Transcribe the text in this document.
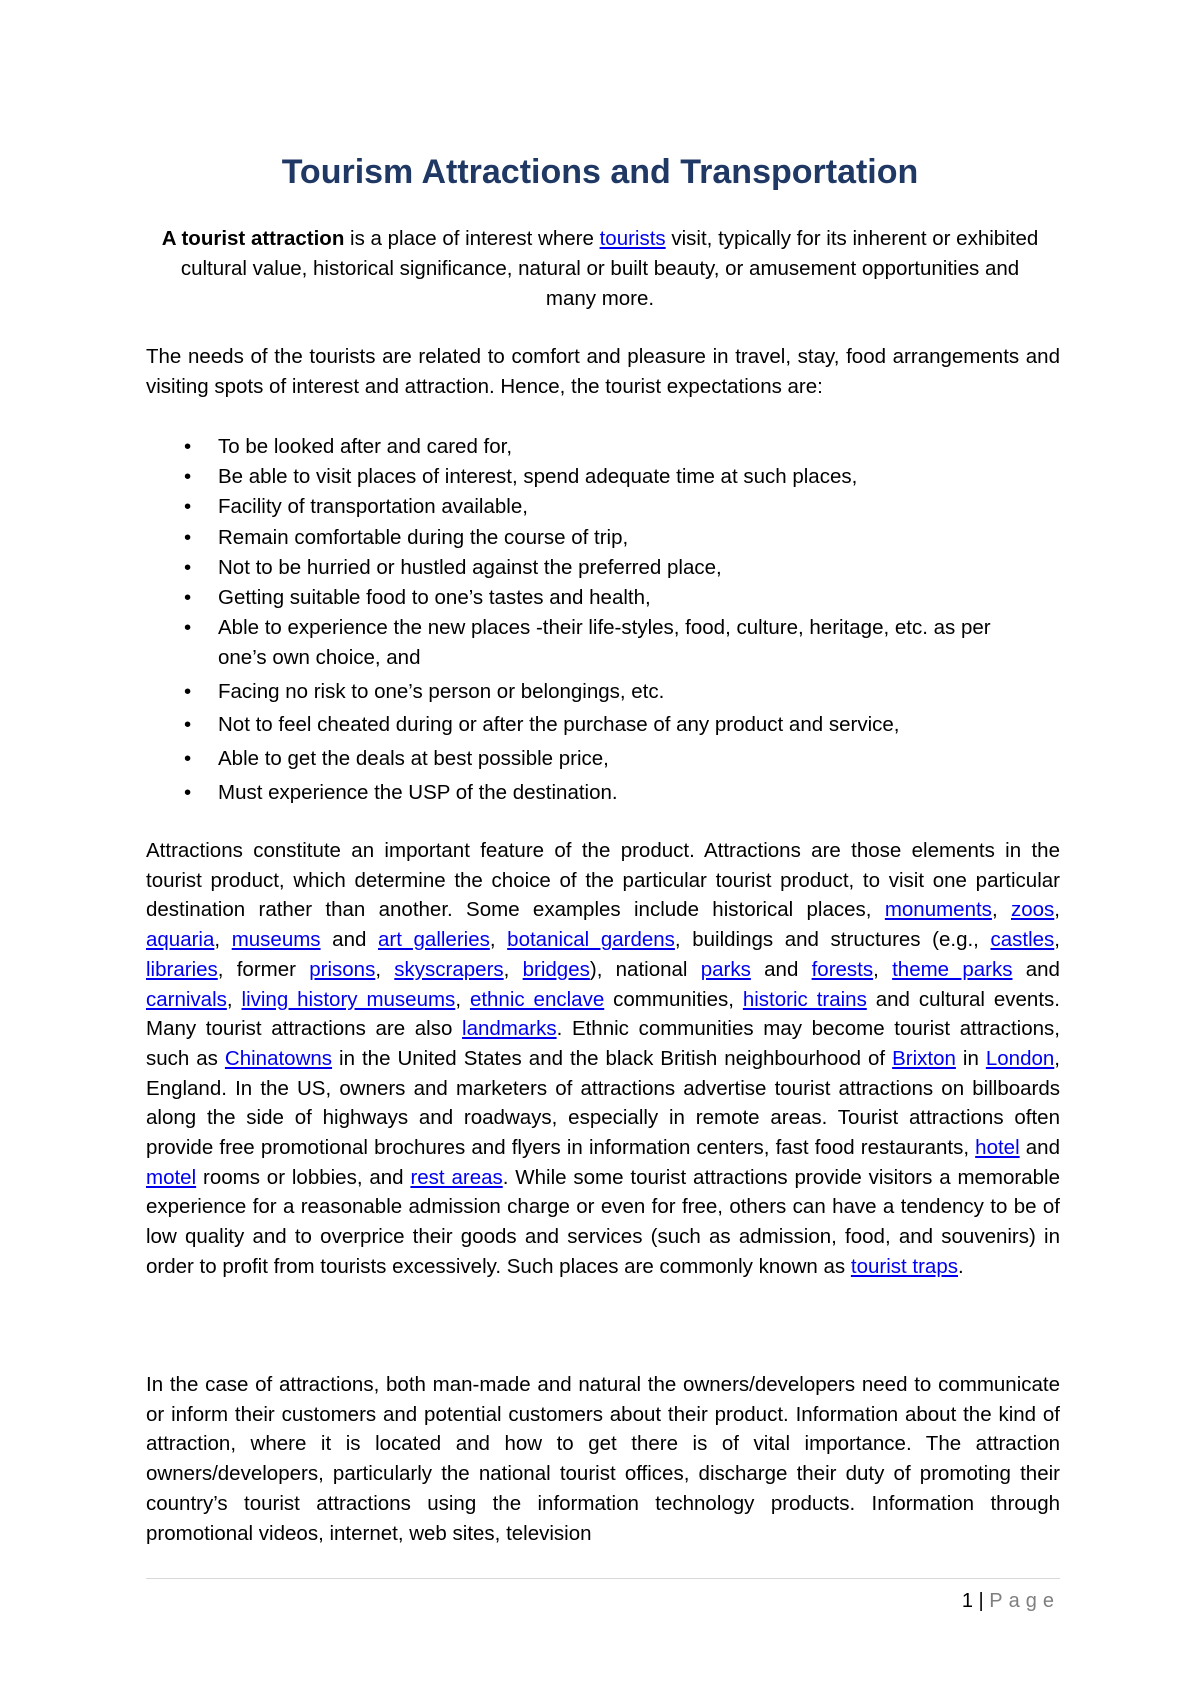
Tourism Attractions and Transportation

A tourist attraction is a place of interest where tourists visit, typically for its inherent or exhibited cultural value, historical significance, natural or built beauty, or amusement opportunities and many more.

The needs of the tourists are related to comfort and pleasure in travel, stay, food arrangements and visiting spots of interest and attraction. Hence, the tourist expectations are:

• To be looked after and cared for,
• Be able to visit places of interest, spend adequate time at such places,
• Facility of transportation available,
• Remain comfortable during the course of trip,
• Not to be hurried or hustled against the preferred place,
• Getting suitable food to one’s tastes and health,
• Able to experience the new places -their life-styles, food, culture, heritage, etc. as per one’s own choice, and
• Facing no risk to one’s person or belongings, etc.
• Not to feel cheated during or after the purchase of any product and service,
• Able to get the deals at best possible price,
• Must experience the USP of the destination.

Attractions constitute an important feature of the product. Attractions are those elements in the tourist product, which determine the choice of the particular tourist product, to visit one particular destination rather than another. Some examples include historical places, monuments, zoos, aquaria, museums and art galleries, botanical gardens, buildings and structures (e.g., castles, libraries, former prisons, skyscrapers, bridges), national parks and forests, theme parks and carnivals, living history museums, ethnic enclave communities, historic trains and cultural events. Many tourist attractions are also landmarks. Ethnic communities may become tourist attractions, such as Chinatowns in the United States and the black British neighbourhood of Brixton in London, England. In the US, owners and marketers of attractions advertise tourist attractions on billboards along the side of highways and roadways, especially in remote areas. Tourist attractions often provide free promotional brochures and flyers in information centers, fast food restaurants, hotel and motel rooms or lobbies, and rest areas. While some tourist attractions provide visitors a memorable experience for a reasonable admission charge or even for free, others can have a tendency to be of low quality and to overprice their goods and services (such as admission, food, and souvenirs) in order to profit from tourists excessively. Such places are commonly known as tourist traps.

In the case of attractions, both man-made and natural the owners/developers need to communicate or inform their customers and potential customers about their product. Information about the kind of attraction, where it is located and how to get there is of vital importance. The attraction owners/developers, particularly the national tourist offices, discharge their duty of promoting their country’s tourist attractions using the information technology products. Information through promotional videos, internet, web sites, television

1 | Page
